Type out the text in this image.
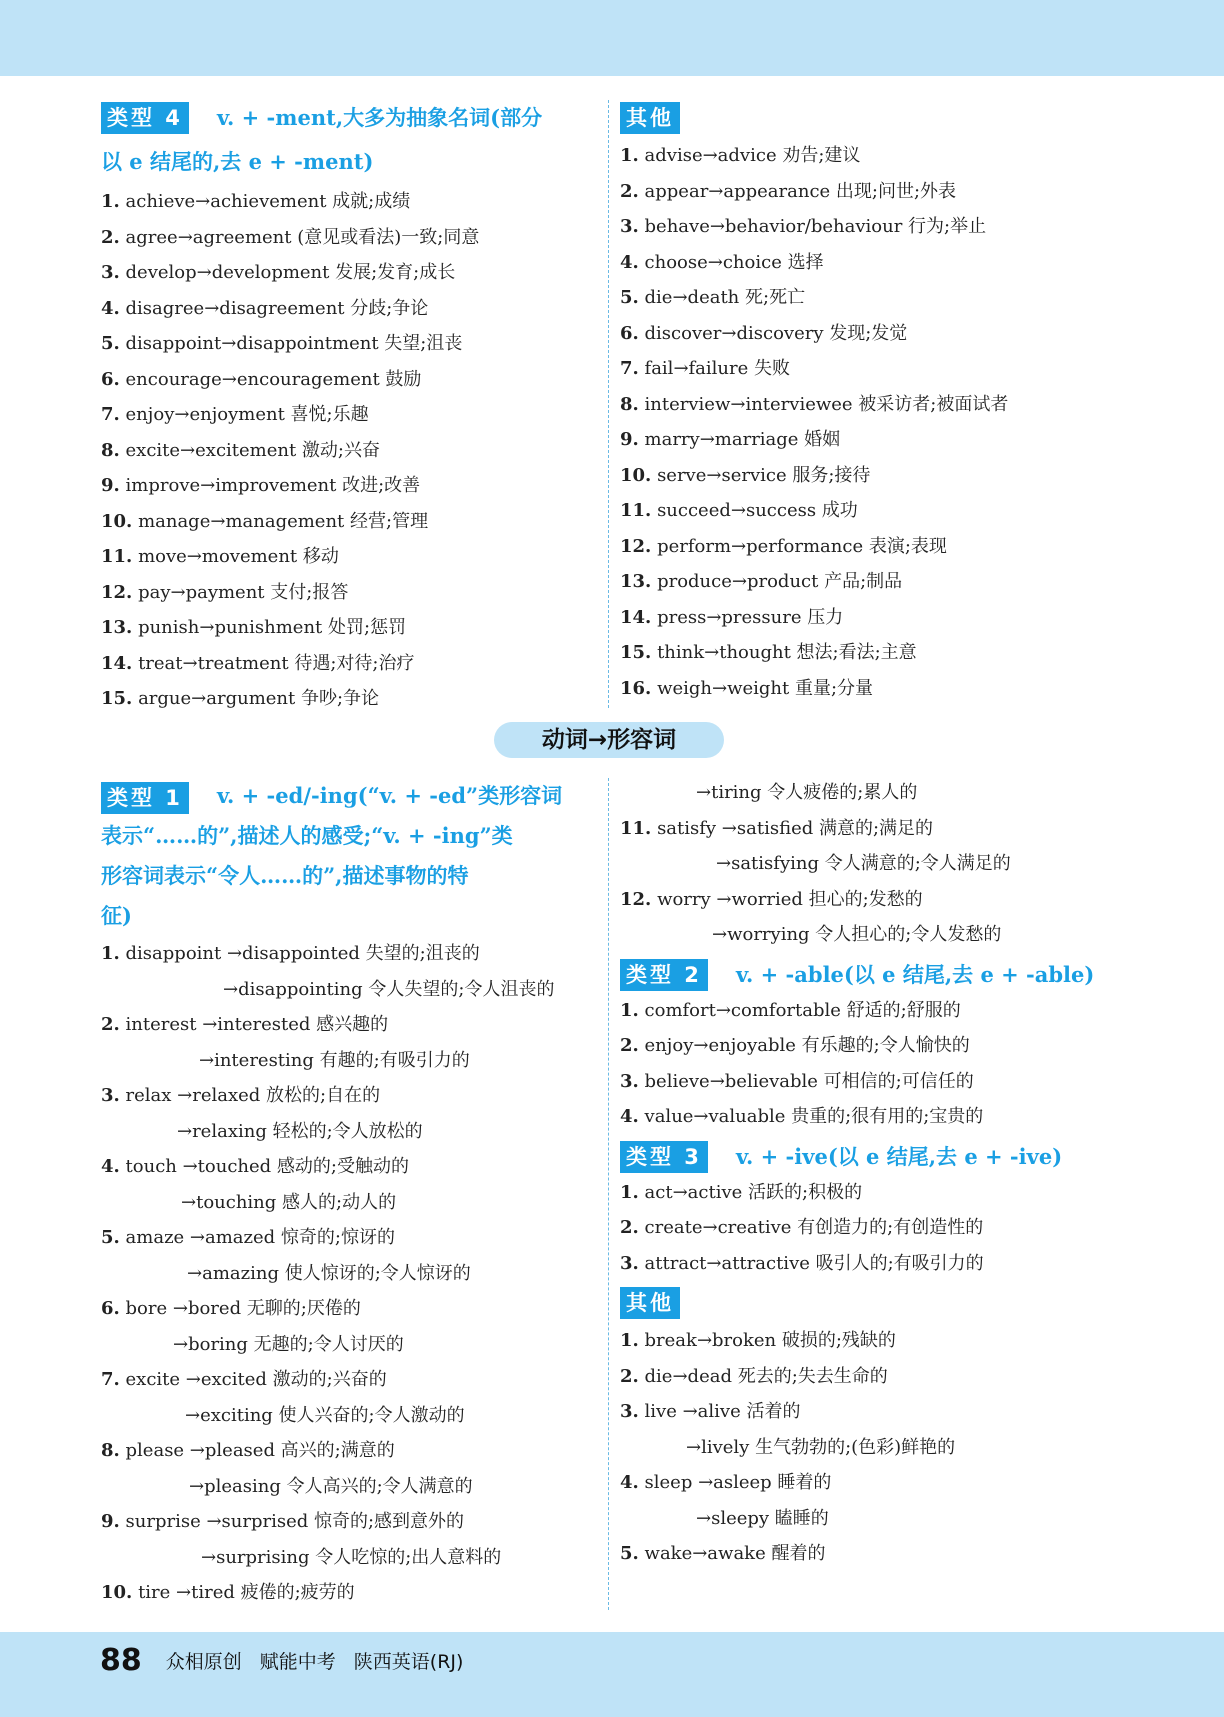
类型 4 v. + -ment,大多为抽象名词(部分
以 e 结尾的,去 e + -ment)
1. achieve→achievement 成就;成绩
2. agree→agreement (意见或看法)一致;同意
3. develop→development 发展;发育;成长
4. disagree→disagreement 分歧;争论
5. disappoint→disappointment 失望;沮丧
6. encourage→encouragement 鼓励
7. enjoy→enjoyment 喜悦;乐趣
8. excite→excitement 激动;兴奋
9. improve→improvement 改进;改善
10. manage→management 经营;管理
11. move→movement 移动
12. pay→payment 支付;报答
13. punish→punishment 处罚;惩罚
14. treat→treatment 待遇;对待;治疗
15. argue→argument 争吵;争论
其他
1. advise→advice 劝告;建议
2. appear→appearance 出现;问世;外表
3. behave→behavior/behaviour 行为;举止
4. choose→choice 选择
5. die→death 死;死亡
6. discover→discovery 发现;发觉
7. fail→failure 失败
8. interview→interviewee 被采访者;被面试者
9. marry→marriage 婚姻
10. serve→service 服务;接待
11. succeed→success 成功
12. perform→performance 表演;表现
13. produce→product 产品;制品
14. press→pressure 压力
15. think→thought 想法;看法;主意
16. weigh→weight 重量;分量
动词→形容词
类型 1 v. + -ed/-ing(“v. + -ed”类形容词
表示“……的”,描述人的感受;“v. + -ing”类
形容词表示“令人……的”,描述事物的特
征)
1. disappoint →disappointed 失望的;沮丧的
→disappointing 令人失望的;令人沮丧的
2. interest →interested 感兴趣的
→interesting 有趣的;有吸引力的
3. relax →relaxed 放松的;自在的
→relaxing 轻松的;令人放松的
4. touch →touched 感动的;受触动的
→touching 感人的;动人的
5. amaze →amazed 惊奇的;惊讶的
→amazing 使人惊讶的;令人惊讶的
6. bore →bored 无聊的;厌倦的
→boring 无趣的;令人讨厌的
7. excite →excited 激动的;兴奋的
→exciting 使人兴奋的;令人激动的
8. please →pleased 高兴的;满意的
→pleasing 令人高兴的;令人满意的
9. surprise →surprised 惊奇的;感到意外的
→surprising 令人吃惊的;出人意料的
10. tire →tired 疲倦的;疲劳的
→tiring 令人疲倦的;累人的
11. satisfy →satisfied 满意的;满足的
→satisfying 令人满意的;令人满足的
12. worry →worried 担心的;发愁的
→worrying 令人担心的;令人发愁的
类型 2 v. + -able(以 e 结尾,去 e + -able)
1. comfort→comfortable 舒适的;舒服的
2. enjoy→enjoyable 有乐趣的;令人愉快的
3. believe→believable 可相信的;可信任的
4. value→valuable 贵重的;很有用的;宝贵的
类型 3 v. + -ive(以 e 结尾,去 e + -ive)
1. act→active 活跃的;积极的
2. create→creative 有创造力的;有创造性的
3. attract→attractive 吸引人的;有吸引力的
其他
1. break→broken 破损的;残缺的
2. die→dead 死去的;失去生命的
3. live →alive 活着的
→lively 生气勃勃的;(色彩)鲜艳的
4. sleep →asleep 睡着的
→sleepy 瞌睡的
5. wake→awake 醒着的
88 众相原创 赋能中考 陕西英语(RJ)
